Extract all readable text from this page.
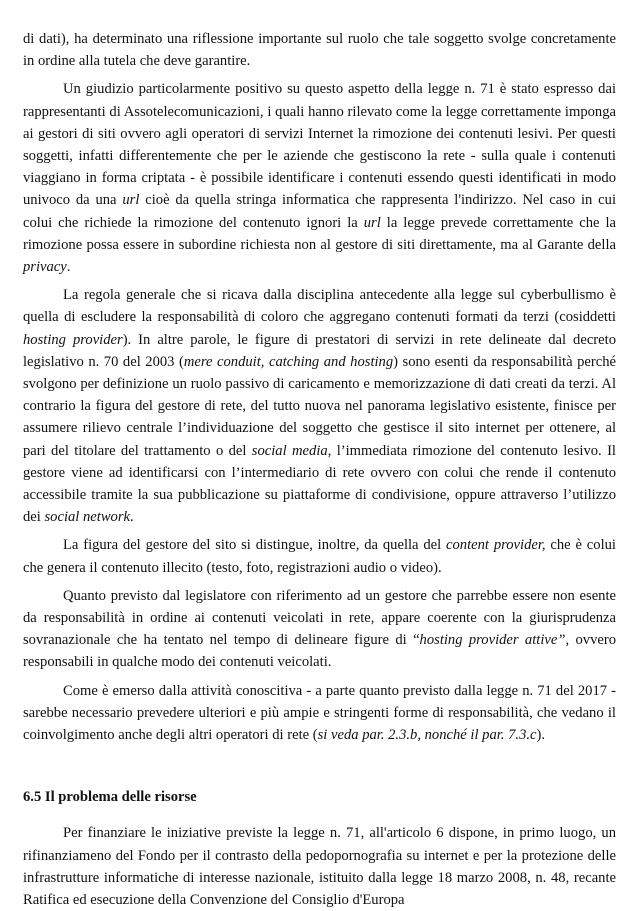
di dati), ha determinato una riflessione importante sul ruolo che tale soggetto svolge concretamente in ordine alla tutela che deve garantire.

Un giudizio particolarmente positivo su questo aspetto della legge n. 71 è stato espresso dai rappresentanti di Assotelecomunicazioni, i quali hanno rilevato come la legge correttamente imponga ai gestori di siti ovvero agli operatori di servizi Internet la rimozione dei contenuti lesivi. Per questi soggetti, infatti differentemente che per le aziende che gestiscono la rete - sulla quale i contenuti viaggiano in forma criptata - è possibile identificare i contenuti essendo questi identificati in modo univoco da una url cioè da quella stringa informatica che rappresenta l'indirizzo. Nel caso in cui colui che richiede la rimozione del contenuto ignori la url la legge prevede correttamente che la rimozione possa essere in subordine richiesta non al gestore di siti direttamente, ma al Garante della privacy.

La regola generale che si ricava dalla disciplina antecedente alla legge sul cyberbullismo è quella di escludere la responsabilità di coloro che aggregano contenuti formati da terzi (cosiddetti hosting provider). In altre parole, le figure di prestatori di servizi in rete delineate dal decreto legislativo n. 70 del 2003 (mere conduit, catching and hosting) sono esenti da responsabilità perché svolgono per definizione un ruolo passivo di caricamento e memorizzazione di dati creati da terzi. Al contrario la figura del gestore di rete, del tutto nuova nel panorama legislativo esistente, finisce per assumere rilievo centrale l’individuazione del soggetto che gestisce il sito internet per ottenere, al pari del titolare del trattamento o del social media, l’immediata rimozione del contenuto lesivo. Il gestore viene ad identificarsi con l’intermediario di rete ovvero con colui che rende il contenuto accessibile tramite la sua pubblicazione su piattaforme di condivisione, oppure attraverso l’utilizzo dei social network.

La figura del gestore del sito si distingue, inoltre, da quella del content provider, che è colui che genera il contenuto illecito (testo, foto, registrazioni audio o video).

Quanto previsto dal legislatore con riferimento ad un gestore che parrebbe essere non esente da responsabilità in ordine ai contenuti veicolati in rete, appare coerente con la giurisprudenza sovranazionale che ha tentato nel tempo di delineare figure di “hosting provider attive”, ovvero responsabili in qualche modo dei contenuti veicolati.

Come è emerso dalla attività conoscitiva - a parte quanto previsto dalla legge n. 71 del 2017 - sarebbe necessario prevedere ulteriori e più ampie e stringenti forme di responsabilità, che vedano il coinvolgimento anche degli altri operatori di rete (si veda par. 2.3.b, nonché il par. 7.3.c).

6.5 Il problema delle risorse

Per finanziare le iniziative previste la legge n. 71, all'articolo 6 dispone, in primo luogo, un rifinanziameno del Fondo per il contrasto della pedopornografia su internet e per la protezione delle infrastrutture informatiche di interesse nazionale, istituito dalla legge 18 marzo 2008, n. 48, recante Ratifica ed esecuzione della Convenzione del Consiglio d'Europa
